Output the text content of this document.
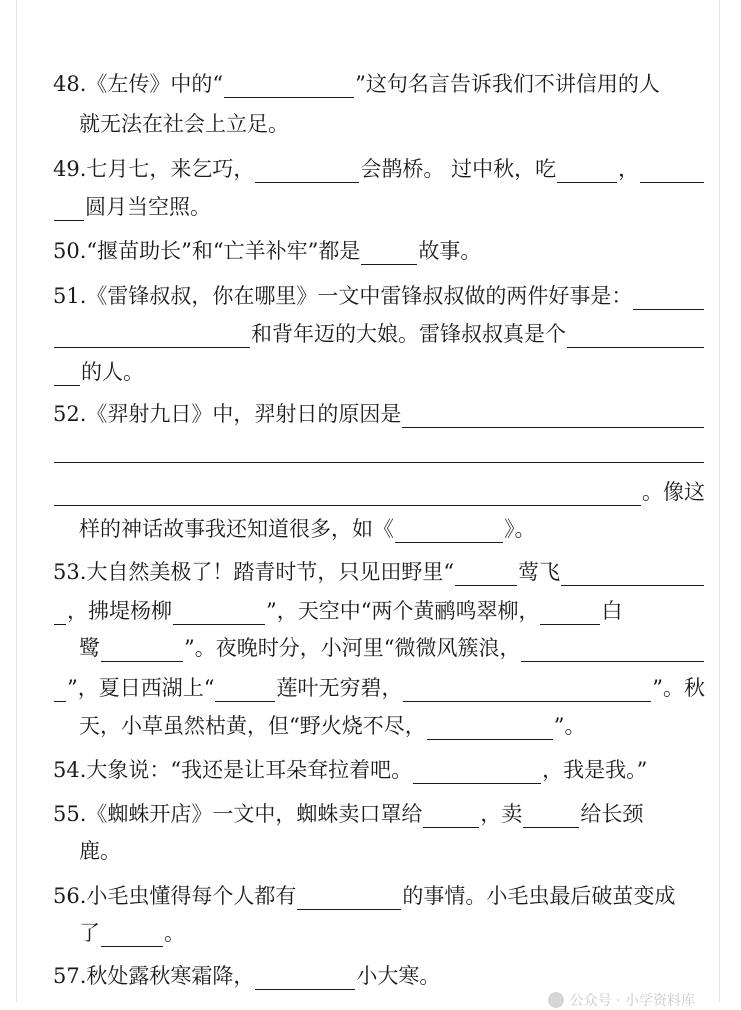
48.《左传》中的“	”这句名言告诉我们不讲信用的人
就无法在社会上立足。
49.七月七，来乞巧，	会鹊桥。 过中秋，吃	，
圆月当空照。
50.“揠苗助长”和“亡羊补牢”都是	故事。
51.《雷锋叔叔，你在哪里》一文中雷锋叔叔做的两件好事是：
和背年迈的大娘。雷锋叔叔真是个
的人。
52.《羿射九日》中，羿射日的原因是
。像这
样的神话故事我还知道很多，如《	》。
53.大自然美极了！踏青时节，只见田野里“	莺飞
，拂堤杨柳	”，天空中“两个黄鹂鸣翠柳，	白
鹭	”。夜晚时分，小河里“微微风簇浪，
”，夏日西湖上“	莲叶无穷碧，	”。秋
天，小草虽然枯黄，但“野火烧不尽，	”。
54.大象说：“我还是让耳朵耷拉着吧。	，我是我。”
55.《蜘蛛开店》一文中，蜘蛛卖口罩给	，卖	给长颈
鹿。
56.小毛虫懂得每个人都有	的事情。小毛虫最后破茧变成
了	。
57.秋处露秋寒霜降，	小大寒。
公众号 · 小学资料库
